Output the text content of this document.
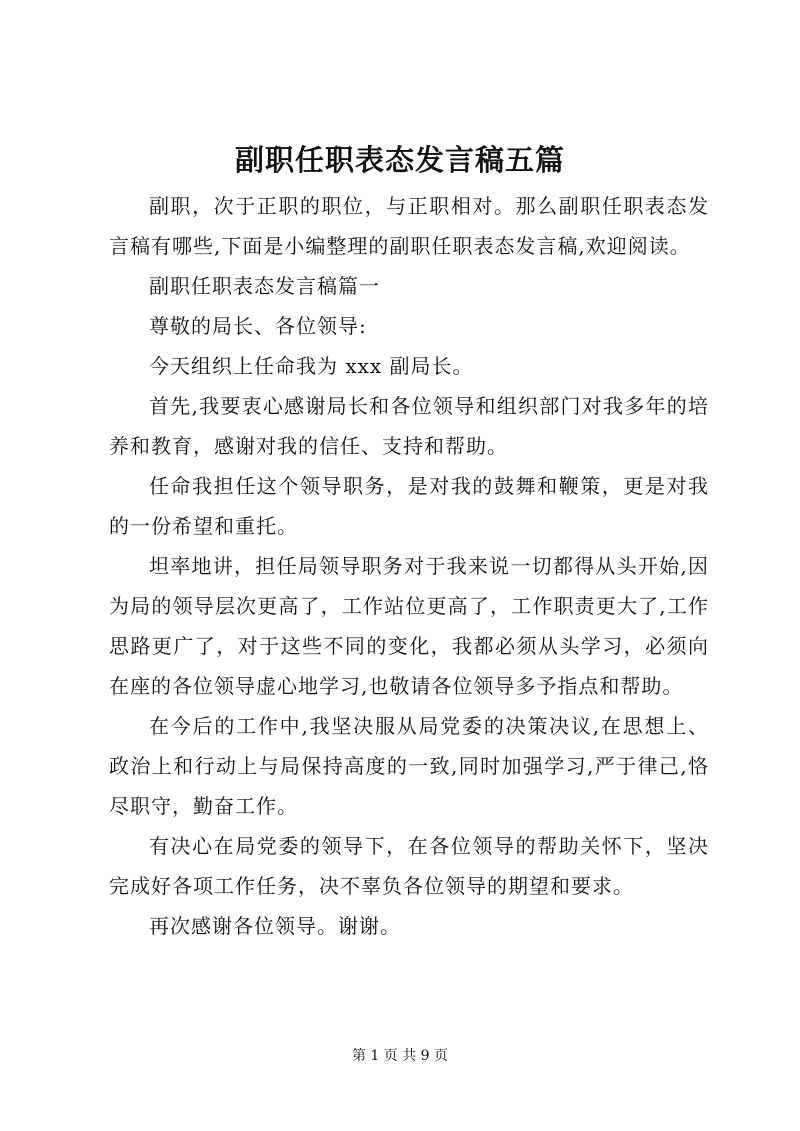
副职任职表态发言稿五篇

副职，次于正职的职位，与正职相对。那么副职任职表态发言稿有哪些,下面是小编整理的副职任职表态发言稿,欢迎阅读。

副职任职表态发言稿篇一

尊敬的局长、各位领导:

今天组织上任命我为 xxx 副局长。

首先,我要衷心感谢局长和各位领导和组织部门对我多年的培养和教育，感谢对我的信任、支持和帮助。

任命我担任这个领导职务，是对我的鼓舞和鞭策，更是对我的一份希望和重托。

坦率地讲，担任局领导职务对于我来说一切都得从头开始,因为局的领导层次更高了，工作站位更高了，工作职责更大了,工作思路更广了，对于这些不同的变化，我都必须从头学习，必须向在座的各位领导虚心地学习,也敬请各位领导多予指点和帮助。

在今后的工作中,我坚决服从局党委的决策决议,在思想上、政治上和行动上与局保持高度的一致,同时加强学习,严于律己,恪尽职守，勤奋工作。

有决心在局党委的领导下，在各位领导的帮助关怀下，坚决完成好各项工作任务，决不辜负各位领导的期望和要求。

再次感谢各位领导。谢谢。

第 1 页 共 9 页
